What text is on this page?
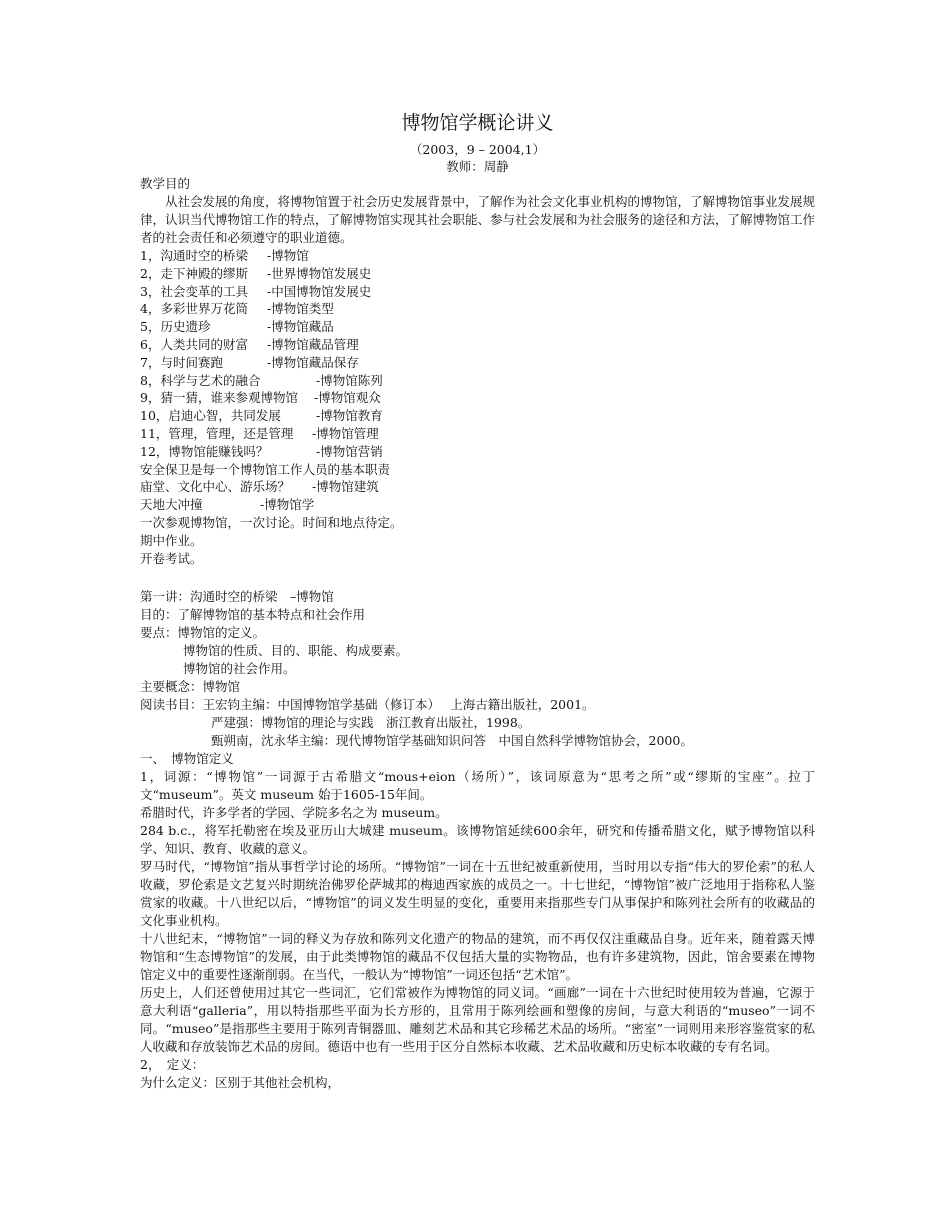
博物馆学概论讲义
（2003，9 – 2004,1）
教师：周静

教学目的

从社会发展的角度，将博物馆置于社会历史发展背景中，了解作为社会文化事业机构的博物馆，了解博物馆事业发展规律，认识当代博物馆工作的特点，了解博物馆实现其社会职能、参与社会发展和为社会服务的途径和方法，了解博物馆工作者的社会责任和必须遵守的职业道德。

1，沟通时空的桥梁	-博物馆
2，走下神殿的缪斯	-世界博物馆发展史
3，社会变革的工具	-中国博物馆发展史
4，多彩世界万花筒	-博物馆类型
5，历史遗珍	-博物馆藏品
6，人类共同的财富	-博物馆藏品管理
7，与时间赛跑	-博物馆藏品保存
8，科学与艺术的融合	-博物馆陈列
9，猜一猜，谁来参观博物馆	-博物馆观众
10，启迪心智，共同发展	-博物馆教育
11，管理，管理，还是管理	-博物馆管理
12，博物馆能赚钱吗？	-博物馆营销
安全保卫是每一个博物馆工作人员的基本职责
庙堂、文化中心、游乐场？	-博物馆建筑
天地大冲撞	-博物馆学

一次参观博物馆，一次讨论。时间和地点待定。

期中作业。

开卷考试。

第一讲：沟通时空的桥梁　–博物馆

目的：了解博物馆的基本特点和社会作用

要点：博物馆的定义。

博物馆的性质、目的、职能、构成要素。

博物馆的社会作用。

主要概念：博物馆

阅读书目：王宏钧主编：中国博物馆学基础（修订本）　 上海古籍出版社，2001。

严建强：博物馆的理论与实践　浙江教育出版社，1998。

甄朔南，沈永华主编：现代博物馆学基础知识问答　中国自然科学博物馆协会，2000。

一、　博物馆定义

1，词源：“博物馆”一词源于古希腊文“mous+eion（场所）”，该词原意为“思考之所”或“缪斯的宝座”。拉丁文“museum”。英文 museum 始于1605-15年间。

希腊时代，许多学者的学园、学院多名之为 museum。

284 b.c.，将军托勒密在埃及亚历山大城建 museum。该博物馆延续600余年，研究和传播希腊文化，赋予博物馆以科学、知识、教育、收藏的意义。

罗马时代，“博物馆”指从事哲学讨论的场所。“博物馆”一词在十五世纪被重新使用，当时用以专指“伟大的罗伦索”的私人收藏，罗伦索是文艺复兴时期统治佛罗伦萨城邦的梅迪西家族的成员之一。十七世纪，“博物馆”被广泛地用于指称私人鉴赏家的收藏。十八世纪以后，“博物馆”的词义发生明显的变化，重要用来指那些专门从事保护和陈列社会所有的收藏品的文化事业机构。

十八世纪末，“博物馆”一词的释义为存放和陈列文化遗产的物品的建筑，而不再仅仅注重藏品自身。近年来，随着露天博物馆和“生态博物馆”的发展，由于此类博物馆的藏品不仅包括大量的实物物品，也有许多建筑物，因此，馆舍要素在博物馆定义中的重要性逐渐削弱。在当代，一般认为“博物馆”一词还包括“艺术馆”。

历史上，人们还曾使用过其它一些词汇，它们常被作为博物馆的同义词。“画廊”一词在十六世纪时使用较为普遍，它源于意大利语“galleria”，用以特指那些平面为长方形的，且常用于陈列绘画和塑像的房间，与意大利语的“museo”一词不同。“museo”是指那些主要用于陈列青铜器皿、雕刻艺术品和其它珍稀艺术品的场所。“密室”一词则用来形容鉴赏家的私人收藏和存放装饰艺术品的房间。德语中也有一些用于区分自然标本收藏、艺术品收藏和历史标本收藏的专有名词。

2，　定义：

为什么定义：区别于其他社会机构，
